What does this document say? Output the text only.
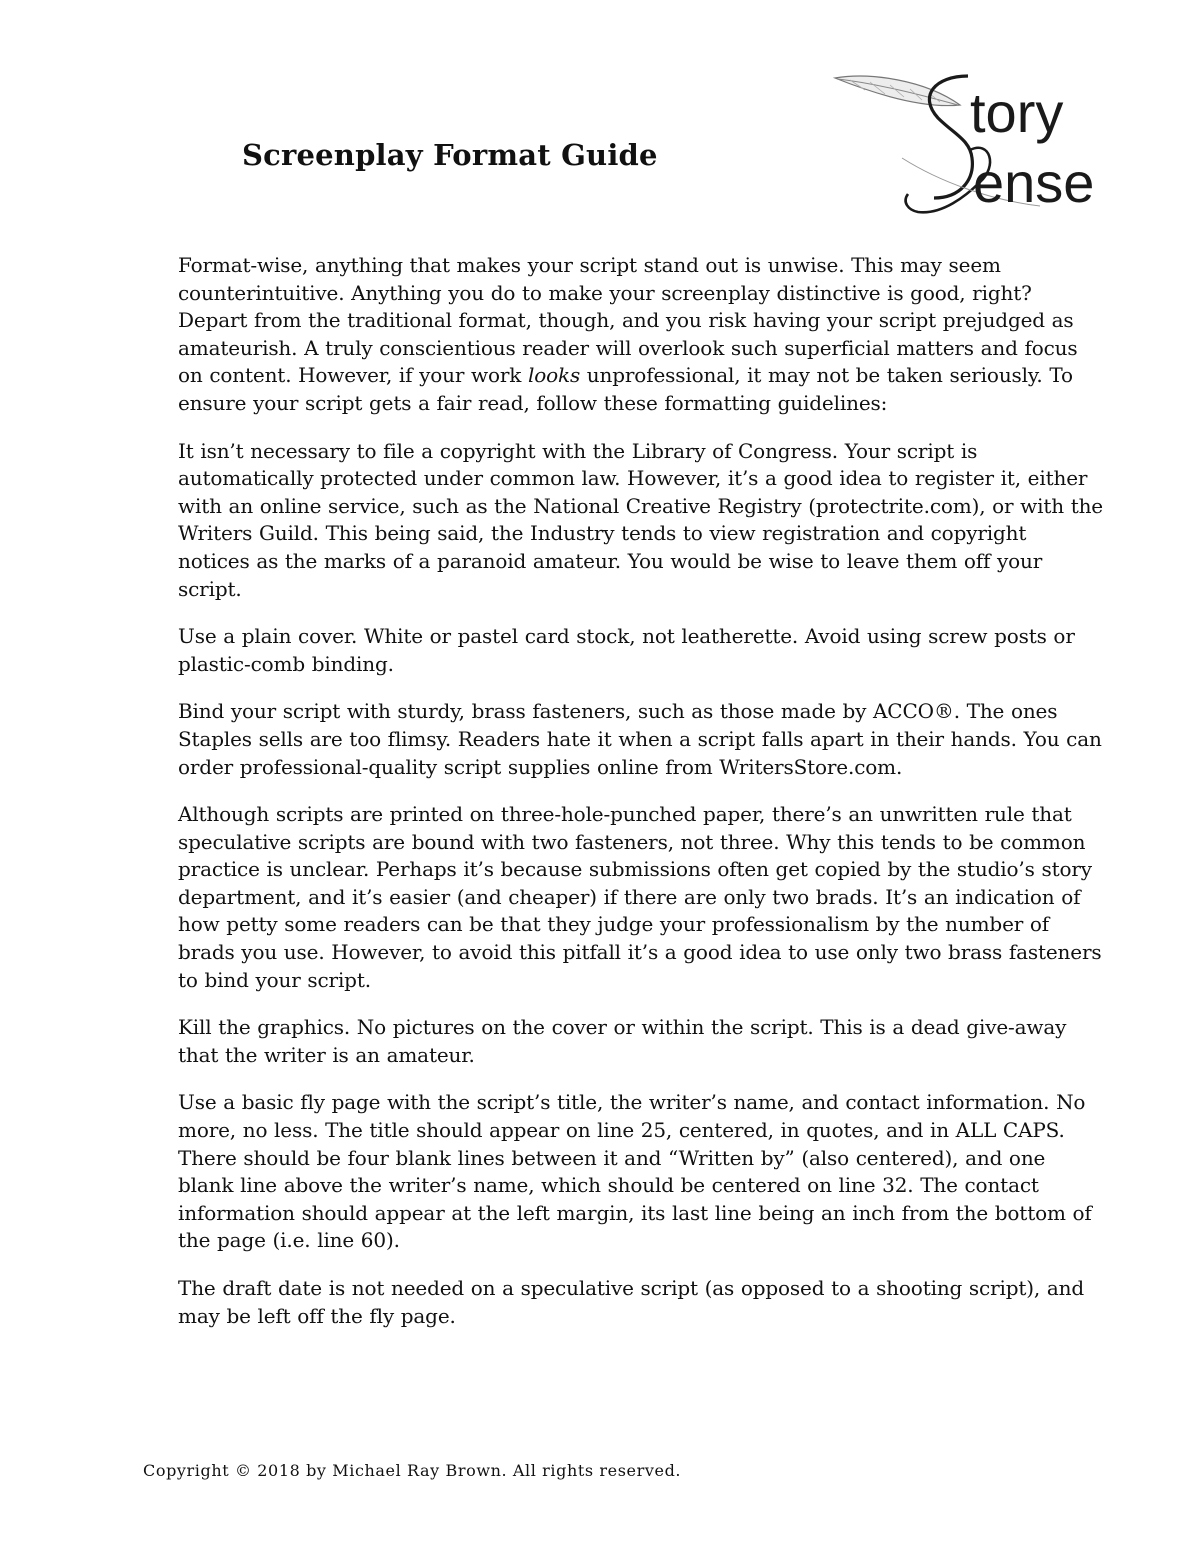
Screenplay Format Guide
tory
ense

Format-wise, anything that makes your script stand out is unwise. This may seem counterintuitive. Anything you do to make your screenplay distinctive is good, right? Depart from the traditional format, though, and you risk having your script prejudged as amateurish. A truly conscientious reader will overlook such superficial matters and focus on content. However, if your work looks unprofessional, it may not be taken seriously. To ensure your script gets a fair read, follow these formatting guidelines:

It isn’t necessary to file a copyright with the Library of Congress. Your script is automatically protected under common law. However, it’s a good idea to register it, either with an online service, such as the National Creative Registry (protectrite.com), or with the Writers Guild. This being said, the Industry tends to view registration and copyright notices as the marks of a paranoid amateur. You would be wise to leave them off your script.

Use a plain cover. White or pastel card stock, not leatherette. Avoid using screw posts or plastic-comb binding.

Bind your script with sturdy, brass fasteners, such as those made by ACCO®. The ones Staples sells are too flimsy. Readers hate it when a script falls apart in their hands. You can order professional-quality script supplies online from WritersStore.com.

Although scripts are printed on three-hole-punched paper, there’s an unwritten rule that speculative scripts are bound with two fasteners, not three. Why this tends to be common practice is unclear. Perhaps it’s because submissions often get copied by the studio’s story department, and it’s easier (and cheaper) if there are only two brads. It’s an indication of how petty some readers can be that they judge your professionalism by the number of brads you use. However, to avoid this pitfall it’s a good idea to use only two brass fasteners to bind your script.

Kill the graphics. No pictures on the cover or within the script. This is a dead give-away that the writer is an amateur.

Use a basic fly page with the script’s title, the writer’s name, and contact information. No more, no less. The title should appear on line 25, centered, in quotes, and in ALL CAPS. There should be four blank lines between it and “Written by” (also centered), and one blank line above the writer’s name, which should be centered on line 32. The contact information should appear at the left margin, its last line being an inch from the bottom of the page (i.e. line 60).

The draft date is not needed on a speculative script (as opposed to a shooting script), and may be left off the fly page.

Copyright © 2018 by Michael Ray Brown. All rights reserved.
